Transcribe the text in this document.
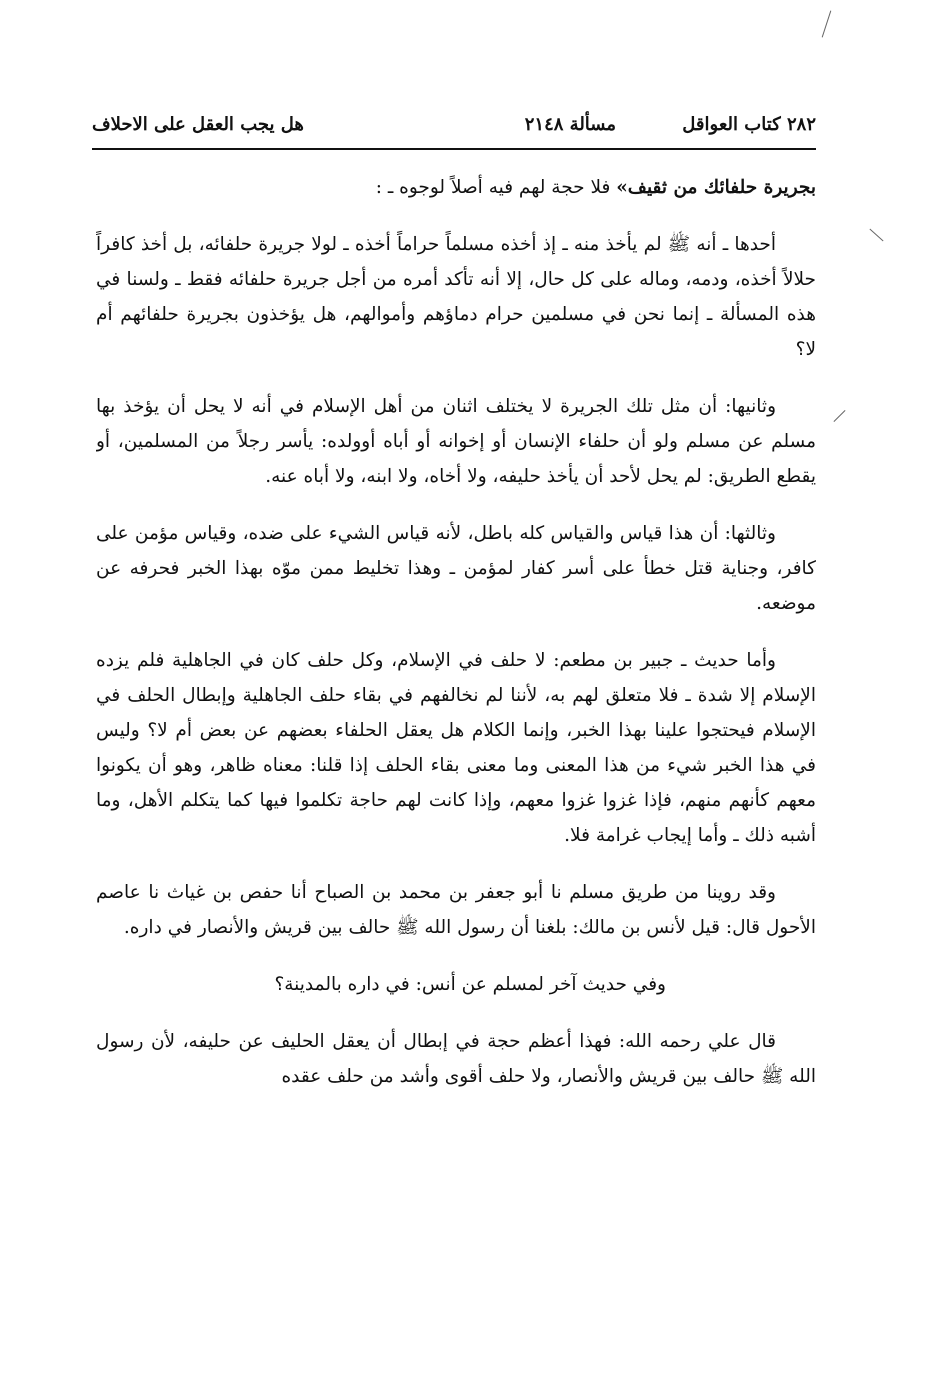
٢٨٢ كتاب العواقل
مسألة ٢١٤٨
هل يجب العقل على الاحلاف

بجريرة حلفائك من ثقيف» فلا حجة لهم فيه أصلاً لوجوه ـ :

أحدها ـ أنه ﷺ لم يأخذ منه ـ إذ أخذه مسلماً حراماً أخذه ـ لولا جريرة حلفائه، بل أخذ كافراً حلالاً أخذه، ودمه، وماله على كل حال، إلا أنه تأكد أمره من أجل جريرة حلفائه فقط ـ ولسنا في هذه المسألة ـ إنما نحن في مسلمين حرام دماؤهم وأموالهم، هل يؤخذون بجريرة حلفائهم أم لا؟

وثانيها: أن مثل تلك الجريرة لا يختلف اثنان من أهل الإسلام في أنه لا يحل أن يؤخذ بها مسلم عن مسلم ولو أن حلفاء الإنسان أو إخوانه أو أباه أوولده: يأسر رجلاً من المسلمين، أو يقطع الطريق: لم يحل لأحد أن يأخذ حليفه، ولا أخاه، ولا ابنه، ولا أباه عنه.

وثالثها: أن هذا قياس والقياس كله باطل، لأنه قياس الشيء على ضده، وقياس مؤمن على كافر، وجناية قتل خطأ على أسر كفار لمؤمن ـ وهذا تخليط ممن موّه بهذا الخبر فحرفه عن موضعه.

وأما حديث ـ جبير بن مطعم: لا حلف في الإسلام، وكل حلف كان في الجاهلية فلم يزده الإسلام إلا شدة ـ فلا متعلق لهم به، لأننا لم نخالفهم في بقاء حلف الجاهلية وإبطال الحلف في الإسلام فيحتجوا علينا بهذا الخبر، وإنما الكلام هل يعقل الحلفاء بعضهم عن بعض أم لا؟ وليس في هذا الخبر شيء من هذا المعنى وما معنى بقاء الحلف إذا قلنا: معناه ظاهر، وهو أن يكونوا معهم كأنهم منهم، فإذا غزوا غزوا معهم، وإذا كانت لهم حاجة تكلموا فيها كما يتكلم الأهل، وما أشبه ذلك ـ وأما إيجاب غرامة فلا.

وقد روينا من طريق مسلم نا أبو جعفر بن محمد بن الصباح أنا حفص بن غياث نا عاصم الأحول قال: قيل لأنس بن مالك: بلغنا أن رسول الله ﷺ حالف بين قريش والأنصار في داره.

وفي حديث آخر لمسلم عن أنس: في داره بالمدينة؟

قال علي رحمه الله: فهذا أعظم حجة في إبطال أن يعقل الحليف عن حليفه، لأن رسول الله ﷺ حالف بين قريش والأنصار، ولا حلف أقوى وأشد من حلف عقده
